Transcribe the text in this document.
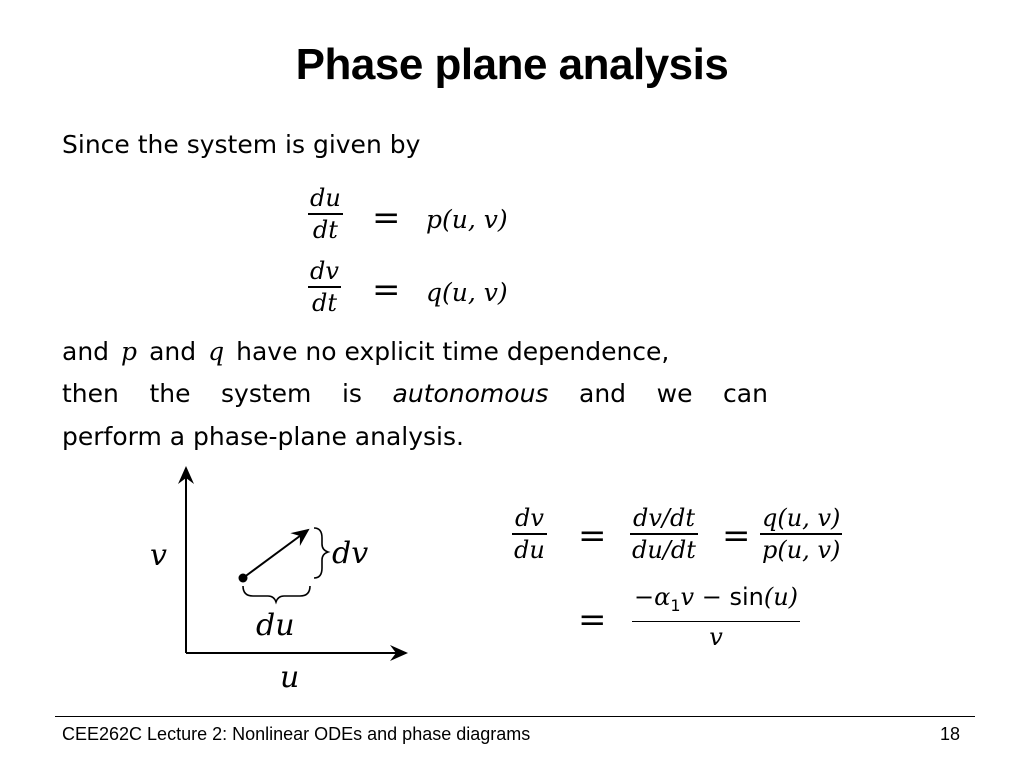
Phase plane analysis
Since the system is given by
du
dt = p(u, v)
dv
dt = q(u, v)
and p and q have no explicit time dependence,
then the system is autonomous and we can
perform a phase-plane analysis.
v
u
dv
du
dv
du = dv/dt
du/dt = q(u, v)
p(u, v)
=
$-\alpha_1v - \sin(u)$
v
CEE262C Lecture 2: Nonlinear ODEs and phase diagrams	18
